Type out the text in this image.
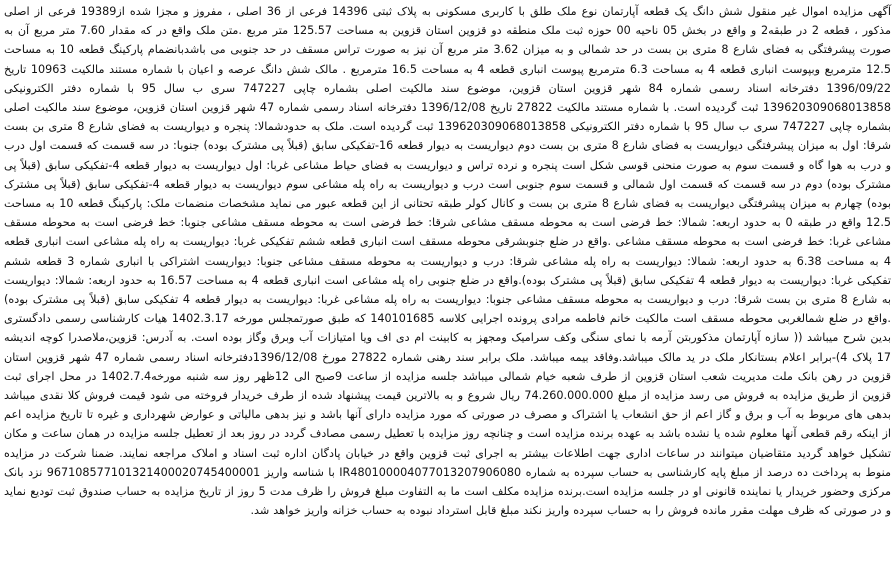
آگهی مزایده اموال غیر منقول شش دانگ یک قطعه آپارتمان نوع ملک طلق با کاربری مسکونی به پلاک ثبتی 14396 فرعی از 36 اصلی ، مفروز و مجزا شده از19389 فرعی از اصلی مذکور ، قطعه 2 در طبقه2 و واقع در بخش 05 ناحیه 00 حوزه ثبت ملک منطقه دو قزوین استان قزوین به مساحت 125.57 متر مربع .متن ملک واقع در که مقدار 7.60 متر مربع آن به صورت پیشرفتگی به فضای شارع 8 متری بن بست در حد شمالی و به میزان 3.62 متر مربع آن نیز به صورت تراس مسقف در حد جنوبی می باشدبانضمام پارکینگ قطعه 10 به مساحت 12.5 مترمربع وبپوست انباری قطعه 4 به مساحت 6.3 مترمربع پیوست انباری قطعه 4 به مساحت 16.5 مترمربع . مالک شش دانگ عرصه و اعیان با شماره مستند مالکیت 10963 تاریخ 1396/09/22 دفترخانه اسناد رسمی شماره 84 شهر قزوین استان قزوین، موضوع سند مالکیت اصلی بشماره چاپی 747227 سری ب سال 95 با شماره دفتر الکترونیکی 139620309068013858 ثبت گردیده است. با شماره مستند مالکیت 27822 تاریخ 1396/12/08 دفترخانه اسناد رسمی شماره 47 شهر قزوین استان قزوین، موضوع سند مالکیت اصلی بشماره چاپی 747227 سری ب سال 95 با شماره دفتر الکترونیکی 139620309068013858 ثبت گردیده است. ملک به حدودشمالا: پنجره و دیواریست به فضای شارع 8 متری بن بست شرقا: اول به میزان پیشرفتگی دیواریست به فضای شارع 8 متری بن بست دوم دیواریست به دیوار قطعه 16-تفکیکی سابق (قبلاً پی مشترک بوده) جنوبا: در سه قسمت که قسمت اول درب و درب به هوا گاه و قسمت سوم به صورت منحنی قوسی شکل است پنجره و نرده تراس و دیواریست به فضای حیاط مشاعی غربا: اول دیواریست به دیوار قطعه 4-تفکیکی سابق (قبلاً پی مشترک بوده) دوم در سه قسمت که قسمت اول شمالی و قسمت سوم جنوبی است درب و دیواریست به راه پله مشاعی سوم دیواریست به دیوار قطعه 4-تفکیکی سابق (قبلاً پی مشترک بوده) چهارم به میزان پیشرفتگی دیواریست به فضای شارع 8 متری بن بست و کانال کولر طبقه تحتانی از این قطعه عبور می نماید مشخصات منضمات ملک: پارکینگ قطعه 10 به مساحت 12.5 واقع در طبقه 0 به حدود اربعه: شمالا: خط فرضی است به محوطه مسقف مشاعی شرقا: خط فرضی است به محوطه مسقف مشاعی جنوبا: خط فرضی است به محوطه مسقف مشاعی غربا: خط فرضی است به محوطه مسقف مشاعی .واقع در ضلع جنوبشرقی محوطه مسقف است انباری قطعه ششم تفکیکی غربا: دیواریست به راه پله مشاعی است انباری قطعه 4 به مساحت 6.38 به حدود اربعه: شمالا: دیواریست به راه پله مشاعی شرقا: درب و دیواریست به محوطه مسقف مشاعی جنوبا: دیواریست اشتراکی با انباری شماره 3 قطعه ششم تفکیکی غربا: دیواریست به دیوار قطعه 4 تفکیکی سابق (قبلاً پی مشترک بوده).واقع در ضلع جنوبی راه پله مشاعی است انباری قطعه 4 به مساحت 16.57 به حدود اربعه: شمالا: دیواریست به شارع 8 متری بن بست شرقا: درب و دیواریست به محوطه مسقف مشاعی جنوبا: دیواریست به راه پله مشاعی غربا: دیواریست به دیوار قطعه 4 تفکیکی سابق (قبلاً پی مشترک بوده) .واقع در ضلع شمالغربی محوطه مسقف است مالکیت خانم فاطمه مرادی پرونده اجرایی کلاسه 140101685 که طبق صورتمجلس مورخه 1402.3.17 هیات کارشناسی رسمی دادگستری بدین شرح میباشد (( سازه آپارتمان مذکوربتن آرمه با نمای سنگی وکف سرامیک ومجهز به کابینت ام دی اف ویا امتیازات آب وبرق وگاز بوده است. به آدرس: قزوین،ملاصدرا کوچه اندیشه 17 پلاک 4)-برابر اعلام بستانکار ملک در ید مالک میباشد.وفاقد بیمه میباشد. ملک برابر سند رهنی شماره 27822 مورخ 1396/12/08دفترخانه اسناد رسمی شماره 47 شهر قزوین استان قزوین در رهن بانک ملت مدیریت شعب استان قزوین از طرف شعبه خیام شمالی میباشد جلسه مزایده از ساعت 9صبح الی 12ظهر روز سه شنبه مورخه1402.7.4 در محل اجرای ثبت قزوین از طریق مزایده به فروش می رسد مزایده از مبلغ 74.260.000.000 ریال شروع و به بالاترین قیمت پیشنهاد شده از طرف خریدار فروخته می شود قیمت فروش کلا نقدی میباشد بدهی های مربوط به آب و برق و گاز اعم از حق انشعاب یا اشتراک و مصرف در صورتی که مورد مزایده دارای آنها باشد و نیز بدهی مالیاتی و عوارض شهرداری و غیره تا تاریخ مزایده اعم از اینکه رقم قطعی آنها معلوم شده یا نشده باشد به عهده برنده مزایده است و چنانچه روز مزایده با تعطیل رسمی مصادف گردد در روز بعد از تعطیل جلسه مزایده در همان ساعت و مکان تشکیل خواهد گردید متقاضیان میتوانند در ساعات اداری جهت اطلاعات بیشتر به اجرای ثبت قزوین واقع در خیابان پادگان اداره ثبت اسناد و املاک مراجعه نمایند. ضمنا شرکت در مزایده منوط به پرداخت ده درصد از مبلغ پایه کارشناسی به حساب سپرده به شماره IR480100004077013207906080 با شناسه واریز 967108577101321400020745400001 نزد بانک مرکزی وحضور خریدار یا نماینده قانونی او در جلسه مزایده است.برنده مزایده مکلف است ما به التفاوت مبلغ فروش را ظرف مدت 5 روز از تاریخ مزایده به حساب صندوق ثبت تودیع نماید و در صورتی که ظرف مهلت مقرر مانده فروش را به حساب سپرده واریز نکند مبلغ قابل استرداد نبوده به حساب خزانه واریز خواهد شد.
